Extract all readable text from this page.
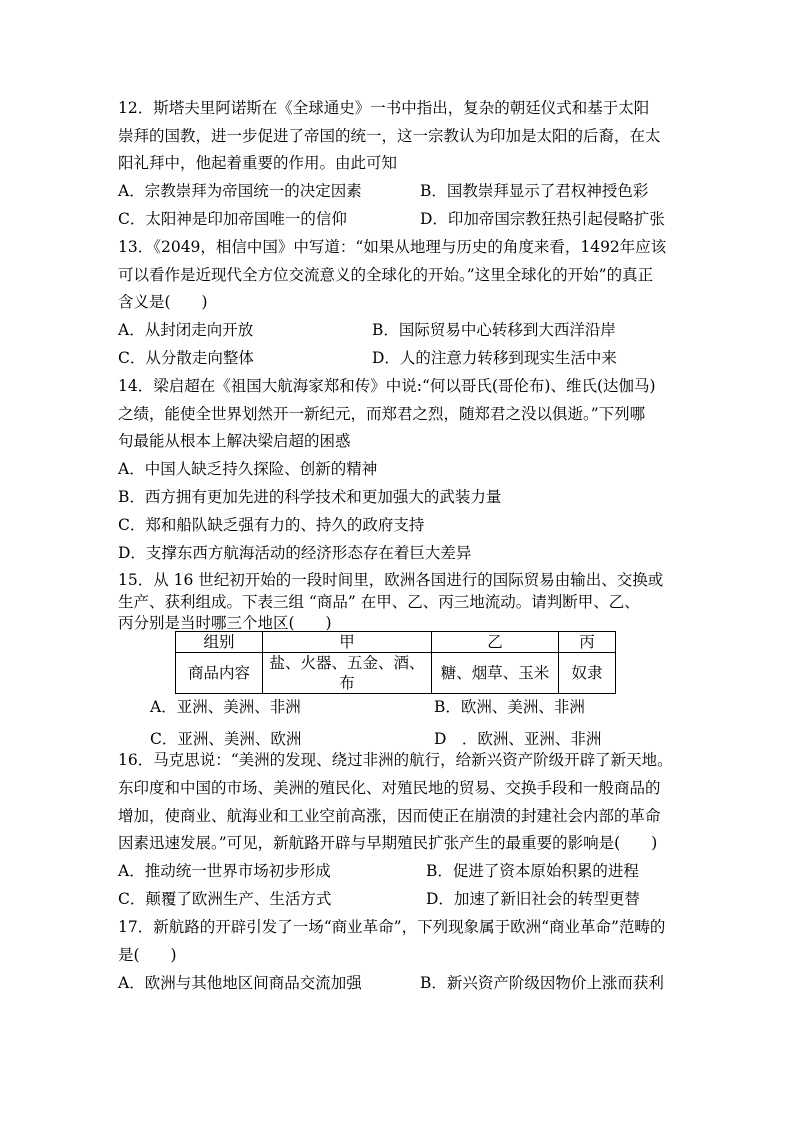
12．斯塔夫里阿诺斯在《全球通史》一书中指出，复杂的朝廷仪式和基于太阳
崇拜的国教，进一步促进了帝国的统一，这一宗教认为印加是太阳的后裔，在太
阳礼拜中，他起着重要的作用。由此可知
A．宗教崇拜为帝国统一的决定因素	B．国教崇拜显示了君权神授色彩
C．太阳神是印加帝国唯一的信仰	D．印加帝国宗教狂热引起侵略扩张
13．《2049，相信中国》中写道：“如果从地理与历史的角度来看，1492年应该
可以看作是近现代全方位交流意义的全球化的开始。”这里全球化的开始”的真正
含义是(　　)
A．从封闭走向开放	B．国际贸易中心转移到大西洋沿岸
C．从分散走向整体	D．人的注意力转移到现实生活中来
14．梁启超在《祖国大航海家郑和传》中说:“何以哥氏(哥伦布)、维氏(达伽马)
之绩，能使全世界划然开一新纪元，而郑君之烈，随郑君之没以俱逝。”下列哪
句最能从根本上解决梁启超的困惑
A．中国人缺乏持久探险、创新的精神
B．西方拥有更加先进的科学技术和更加强大的武装力量
C．郑和船队缺乏强有力的、持久的政府支持
D．支撑东西方航海活动的经济形态存在着巨大差异
15．从 16 世纪初开始的一段时间里，欧洲各国进行的国际贸易由输出、交换或
生产、获利组成。下表三组 “商品” 在甲、乙、丙三地流动。请判断甲、乙、
丙分别是当时哪三个地区(　　)
组别	甲	乙	丙
商品内容	盐、火器、五金、酒、布	糖、烟草、玉米	奴隶
A．亚洲、美洲、非洲	B．欧洲、美洲、非洲
C．亚洲、美洲、欧洲	D　．欧洲、亚洲、非洲
16．马克思说：“美洲的发现、绕过非洲的航行，给新兴资产阶级开辟了新天地。
东印度和中国的市场、美洲的殖民化、对殖民地的贸易、交换手段和一般商品的
增加，使商业、航海业和工业空前高涨，因而使正在崩溃的封建社会内部的革命
因素迅速发展。”可见，新航路开辟与早期殖民扩张产生的最重要的影响是(　　)
A．推动统一世界市场初步形成	B．促进了资本原始积累的进程
C．颠覆了欧洲生产、生活方式	D．加速了新旧社会的转型更替
17．新航路的开辟引发了一场“商业革命”，下列现象属于欧洲“商业革命”范畴的
是(　　)
A．欧洲与其他地区间商品交流加强	B．新兴资产阶级因物价上涨而获利
